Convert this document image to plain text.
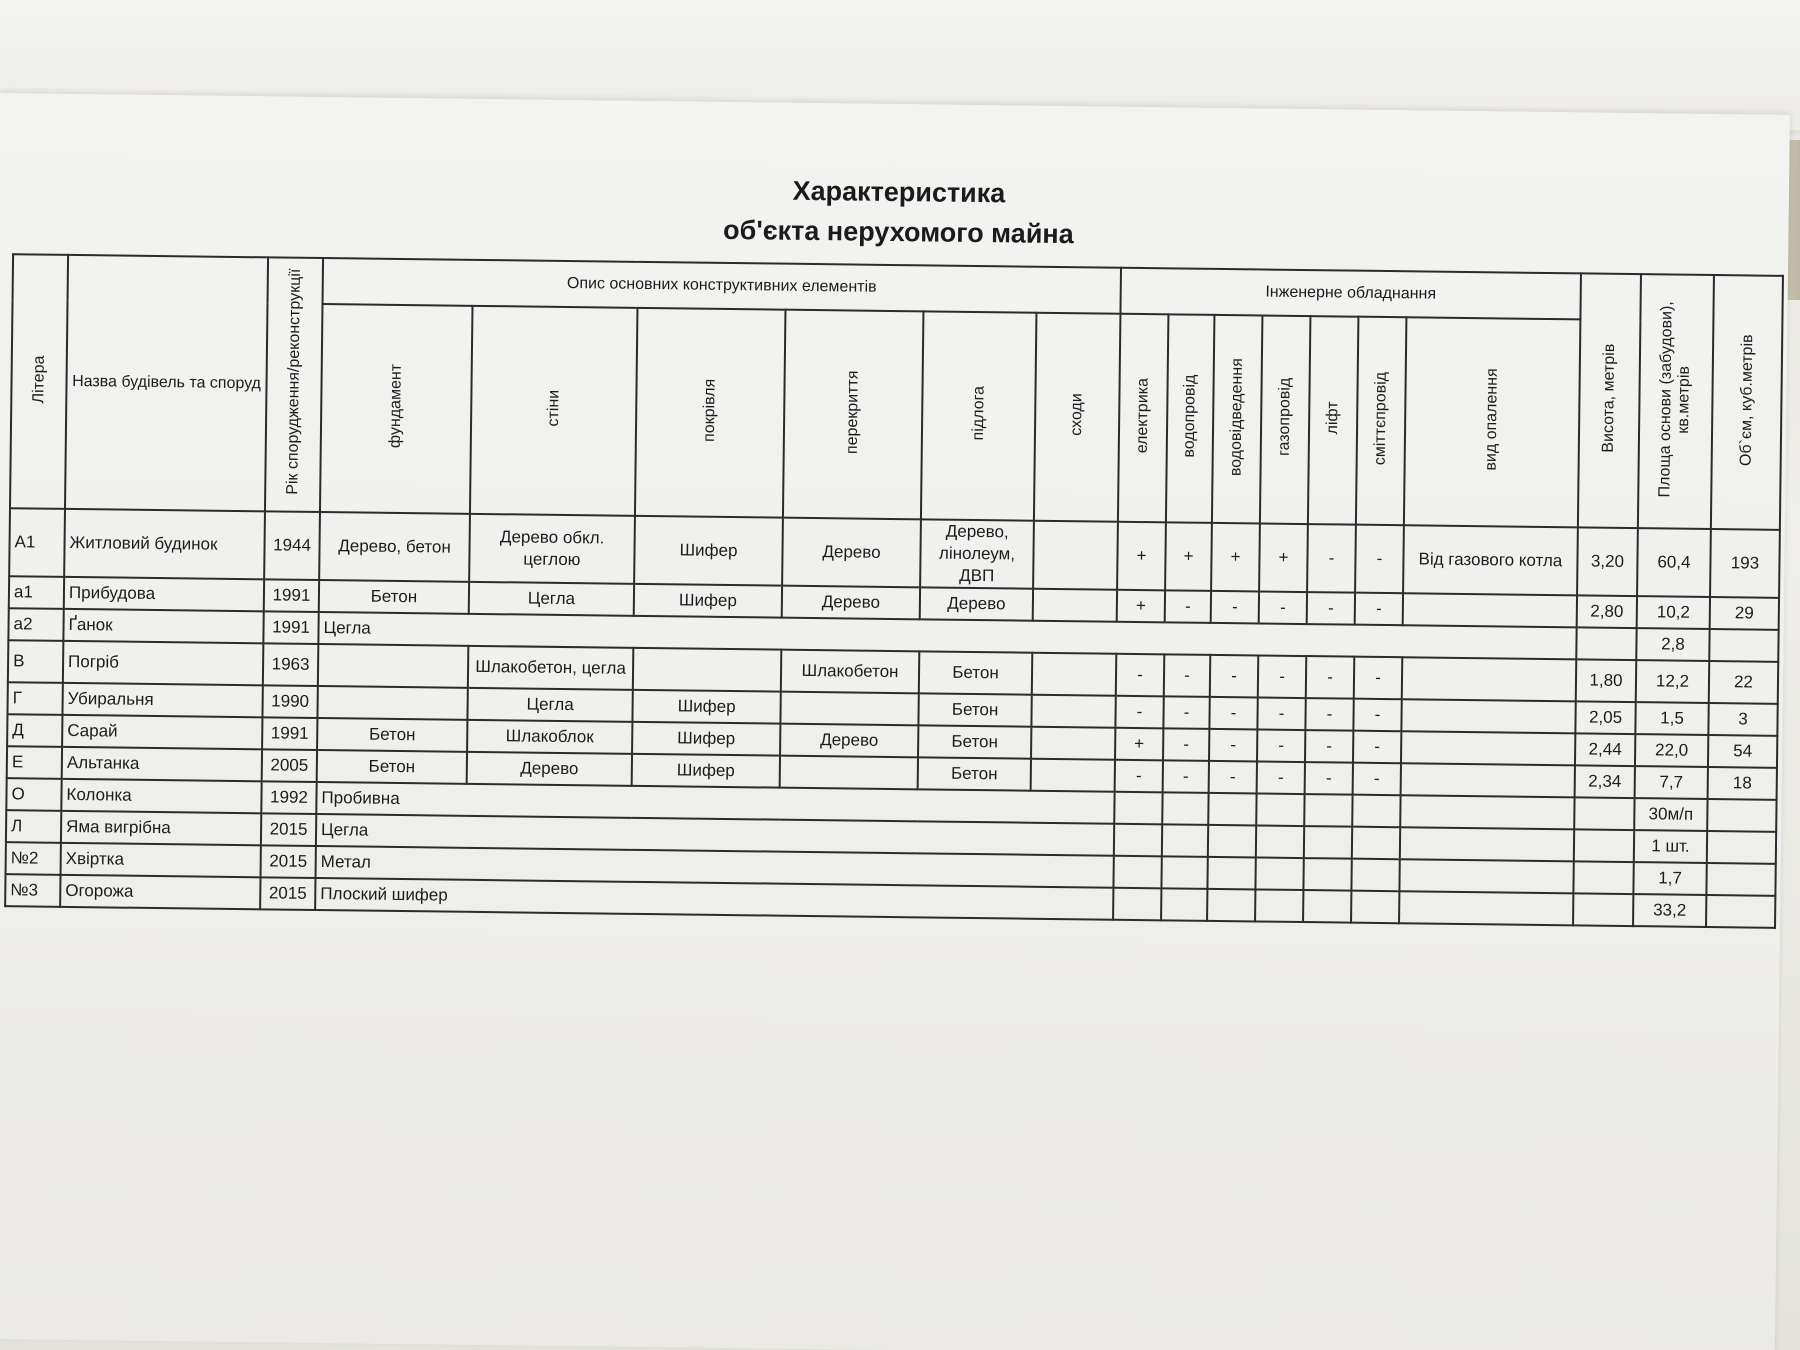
Характеристика
об'єкта нерухомого майна
Літера	Назва будівель та споруд	Рік спорудження/реконструкції	Опис основних конструктивних елементів						Інженерне обладнання							Висота, метрів	Площа основи (забудови), кв.метрів	Об`єм, куб.метрів
			фундамент	стіни	покрівля	перекриття	підлога	сходи	електрика	водопровід	водовідведення	газопровід	ліфт	сміттєпровід	вид опалення			
А1	Житловий будинок	1944	Дерево, бетон	Дерево обкл. цеглою	Шифер	Дерево	Дерево, лінолеум, ДВП		+	+	+	+	-	-	Від газового котла	3,20	60,4	193
а1	Прибудова	1991	Бетон	Цегла	Шифер	Дерево	Дерево		+	-	-	-	-	-		2,80	10,2	29
а2	Ґанок	1991	Цегла														2,8	
В	Погріб	1963		Шлакобетон, цегла		Шлакобетон	Бетон		-	-	-	-	-	-		1,80	12,2	22
Г	Убиральня	1990		Цегла	Шифер		Бетон		-	-	-	-	-	-		2,05	1,5	3
Д	Сарай	1991	Бетон	Шлакоблок	Шифер	Дерево	Бетон		+	-	-	-	-	-		2,44	22,0	54
Е	Альтанка	2005	Бетон	Дерево	Шифер		Бетон		-	-	-	-	-	-		2,34	7,7	18
О	Колонка	1992	Пробивна														30м/п	
Л	Яма вигрібна	2015	Цегла														1 шт.	
№2	Хвіртка	2015	Метал														1,7	
№3	Огорожа	2015	Плоский шифер														33,2	
